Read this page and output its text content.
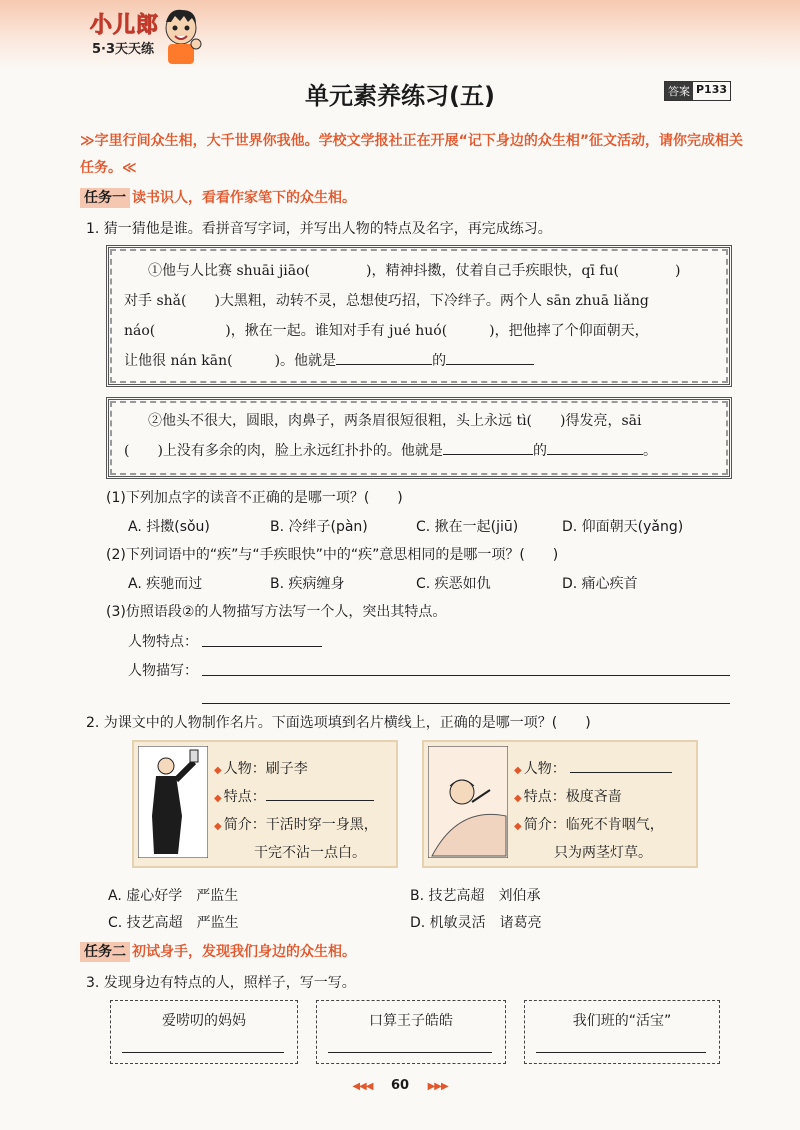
小儿郎
5·3天天练
单元素养练习(五)	答案 P133
≫字里行间众生相，大千世界你我他。学校文学报社正在开展“记下身边的众生相”征文活动，请你完成相关任务。≪
任务一 读书识人，看看作家笔下的众生相。
1. 猜一猜他是谁。看拼音写字词，并写出人物的特点及名字，再完成练习。
①他与人比赛 shuāi jiāo(　　　　)，精神抖擞，仗着自己手疾眼快，qī fu(　　　　)
对手 shǎ(　　)大黑粗，动转不灵，总想使巧招，下冷绊子。两个人 sān zhuā liǎng
náo(　　　　　)，揪在一起。谁知对手有 jué huó(　　　)，把他摔了个仰面朝天，
让他很 nán kān(　　　)。他就是	的
②他头不很大，圆眼，肉鼻子，两条眉很短很粗，头上永远 tì(　　)得发亮，sāi
(　　)上没有多余的肉，脸上永远红扑扑的。他就是	的	。
(1)下列加点字的读音不正确的是哪一项？(　　)
A. 抖擞(sǒu)	B. 冷绊子(pàn)	C. 揪在一起(jiū)	D. 仰面朝天(yǎng)
(2)下列词语中的“疾”与“手疾眼快”中的“疾”意思相同的是哪一项？(　　)
A. 疾驰而过	B. 疾病缠身	C. 疾恶如仇	D. 痛心疾首
(3)仿照语段②的人物描写方法写一个人，突出其特点。
人物特点：
人物描写：
2. 为课文中的人物制作名片。下面选项填到名片横线上，正确的是哪一项？(　　)
◆ 人物：刷子李
◆ 特点：
◆ 简介：干活时穿一身黑，
干完不沾一点白。
◆ 人物：
◆ 特点：极度吝啬
◆ 简介：临死不肯咽气，
只为两茎灯草。
A. 虚心好学　严监生	B. 技艺高超　刘伯承
C. 技艺高超　严监生	D. 机敏灵活　诸葛亮
任务二 初试身手，发现我们身边的众生相。
3. 发现身边有特点的人，照样子，写一写。
爱唠叨的妈妈	口算王子皓皓	我们班的“活宝”
◀◀◀ 60 ▶▶▶
